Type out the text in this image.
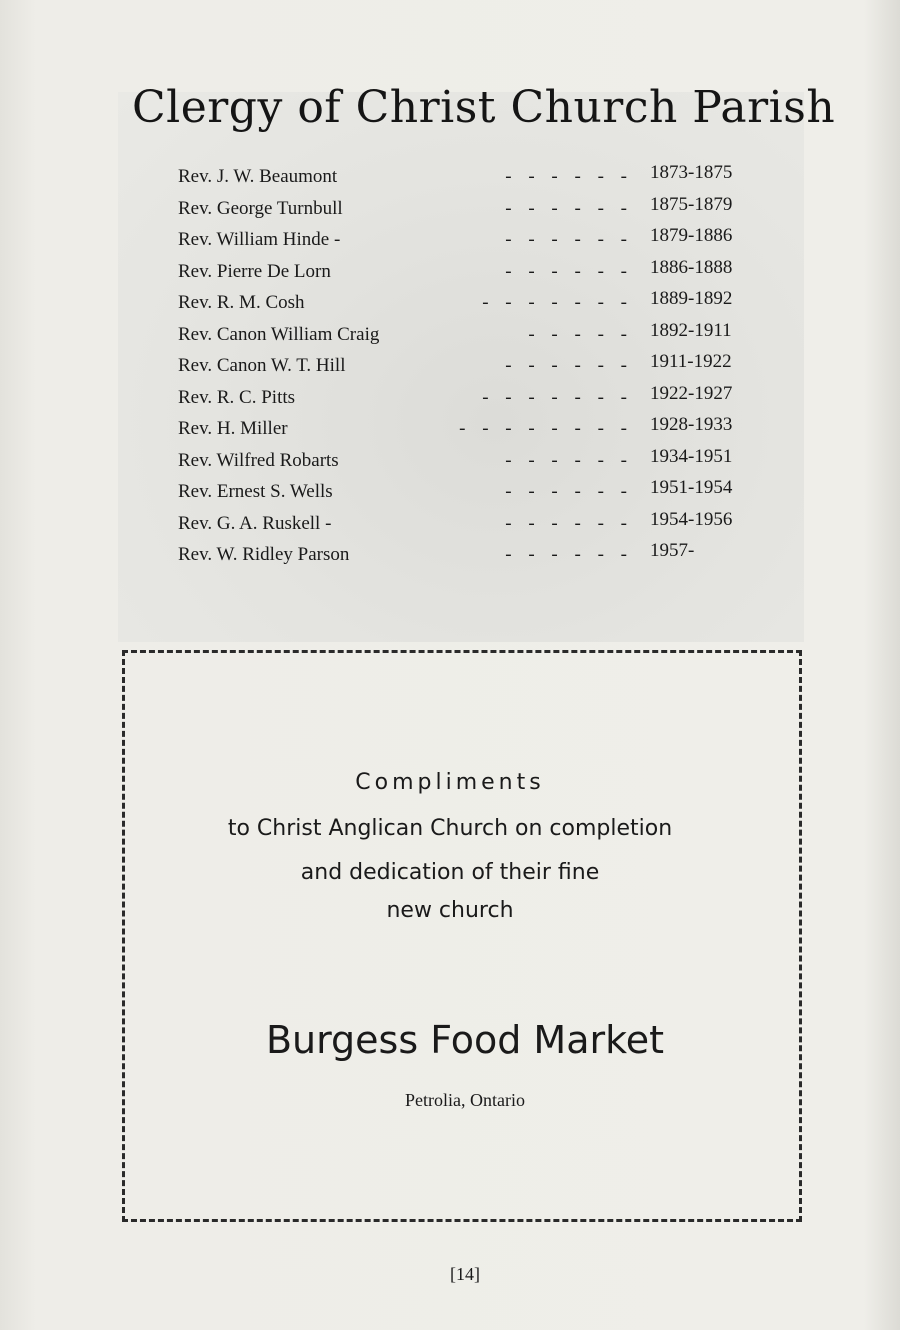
Clergy of Christ Church Parish
Rev. J. W. Beaumont	- - - - - - 1873-1875
Rev. George Turnbull	- - - - - - 1875-1879
Rev. William Hinde -	- - - - - - 1879-1886
Rev. Pierre De Lorn	- - - - - - 1886-1888
Rev. R. M. Cosh	- - - - - - - 1889-1892
Rev. Canon William Craig	- - - - - 1892-1911
Rev. Canon W. T. Hill	- - - - - - 1911-1922
Rev. R. C. Pitts	- - - - - - - 1922-1927
Rev. H. Miller	- - - - - - - - 1928-1933
Rev. Wilfred Robarts	- - - - - - 1934-1951
Rev. Ernest S. Wells	- - - - - - 1951-1954
Rev. G. A. Ruskell -	- - - - - - 1954-1956
Rev. W. Ridley Parson	- - - - - - 1957-
Compliments
to Christ Anglican Church on completion
and dedication of their fine
new church
Burgess Food Market
Petrolia, Ontario
[14]
